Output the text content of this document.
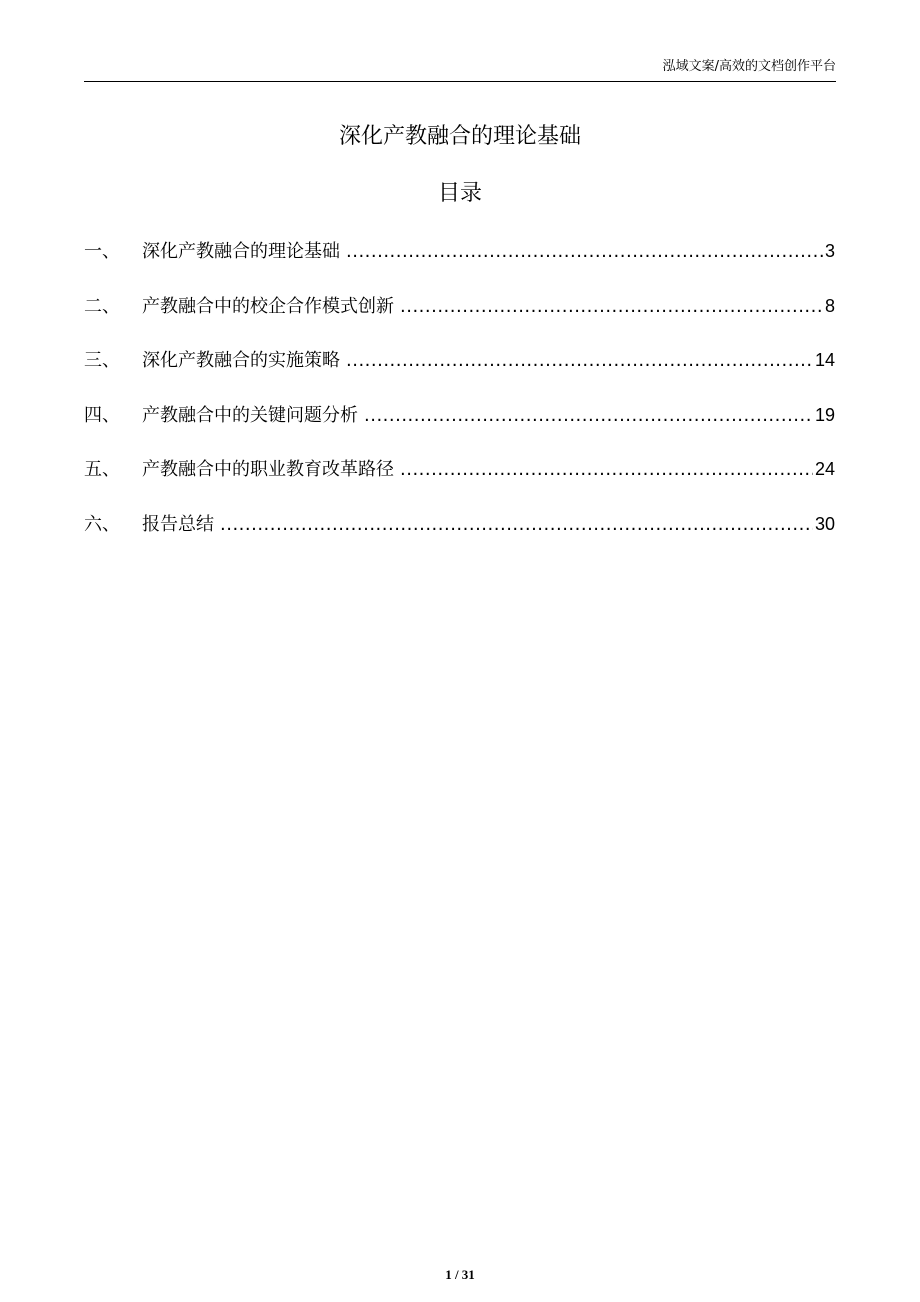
泓域文案/高效的文档创作平台
深化产教融合的理论基础
目录
一、	深化产教融合的理论基础 .....	3
二、	产教融合中的校企合作模式创新 .....	8
三、	深化产教融合的实施策略 .....	14
四、	产教融合中的关键问题分析 .....	19
五、	产教融合中的职业教育改革路径 .....	24
六、	报告总结 .....	30
1 / 31
